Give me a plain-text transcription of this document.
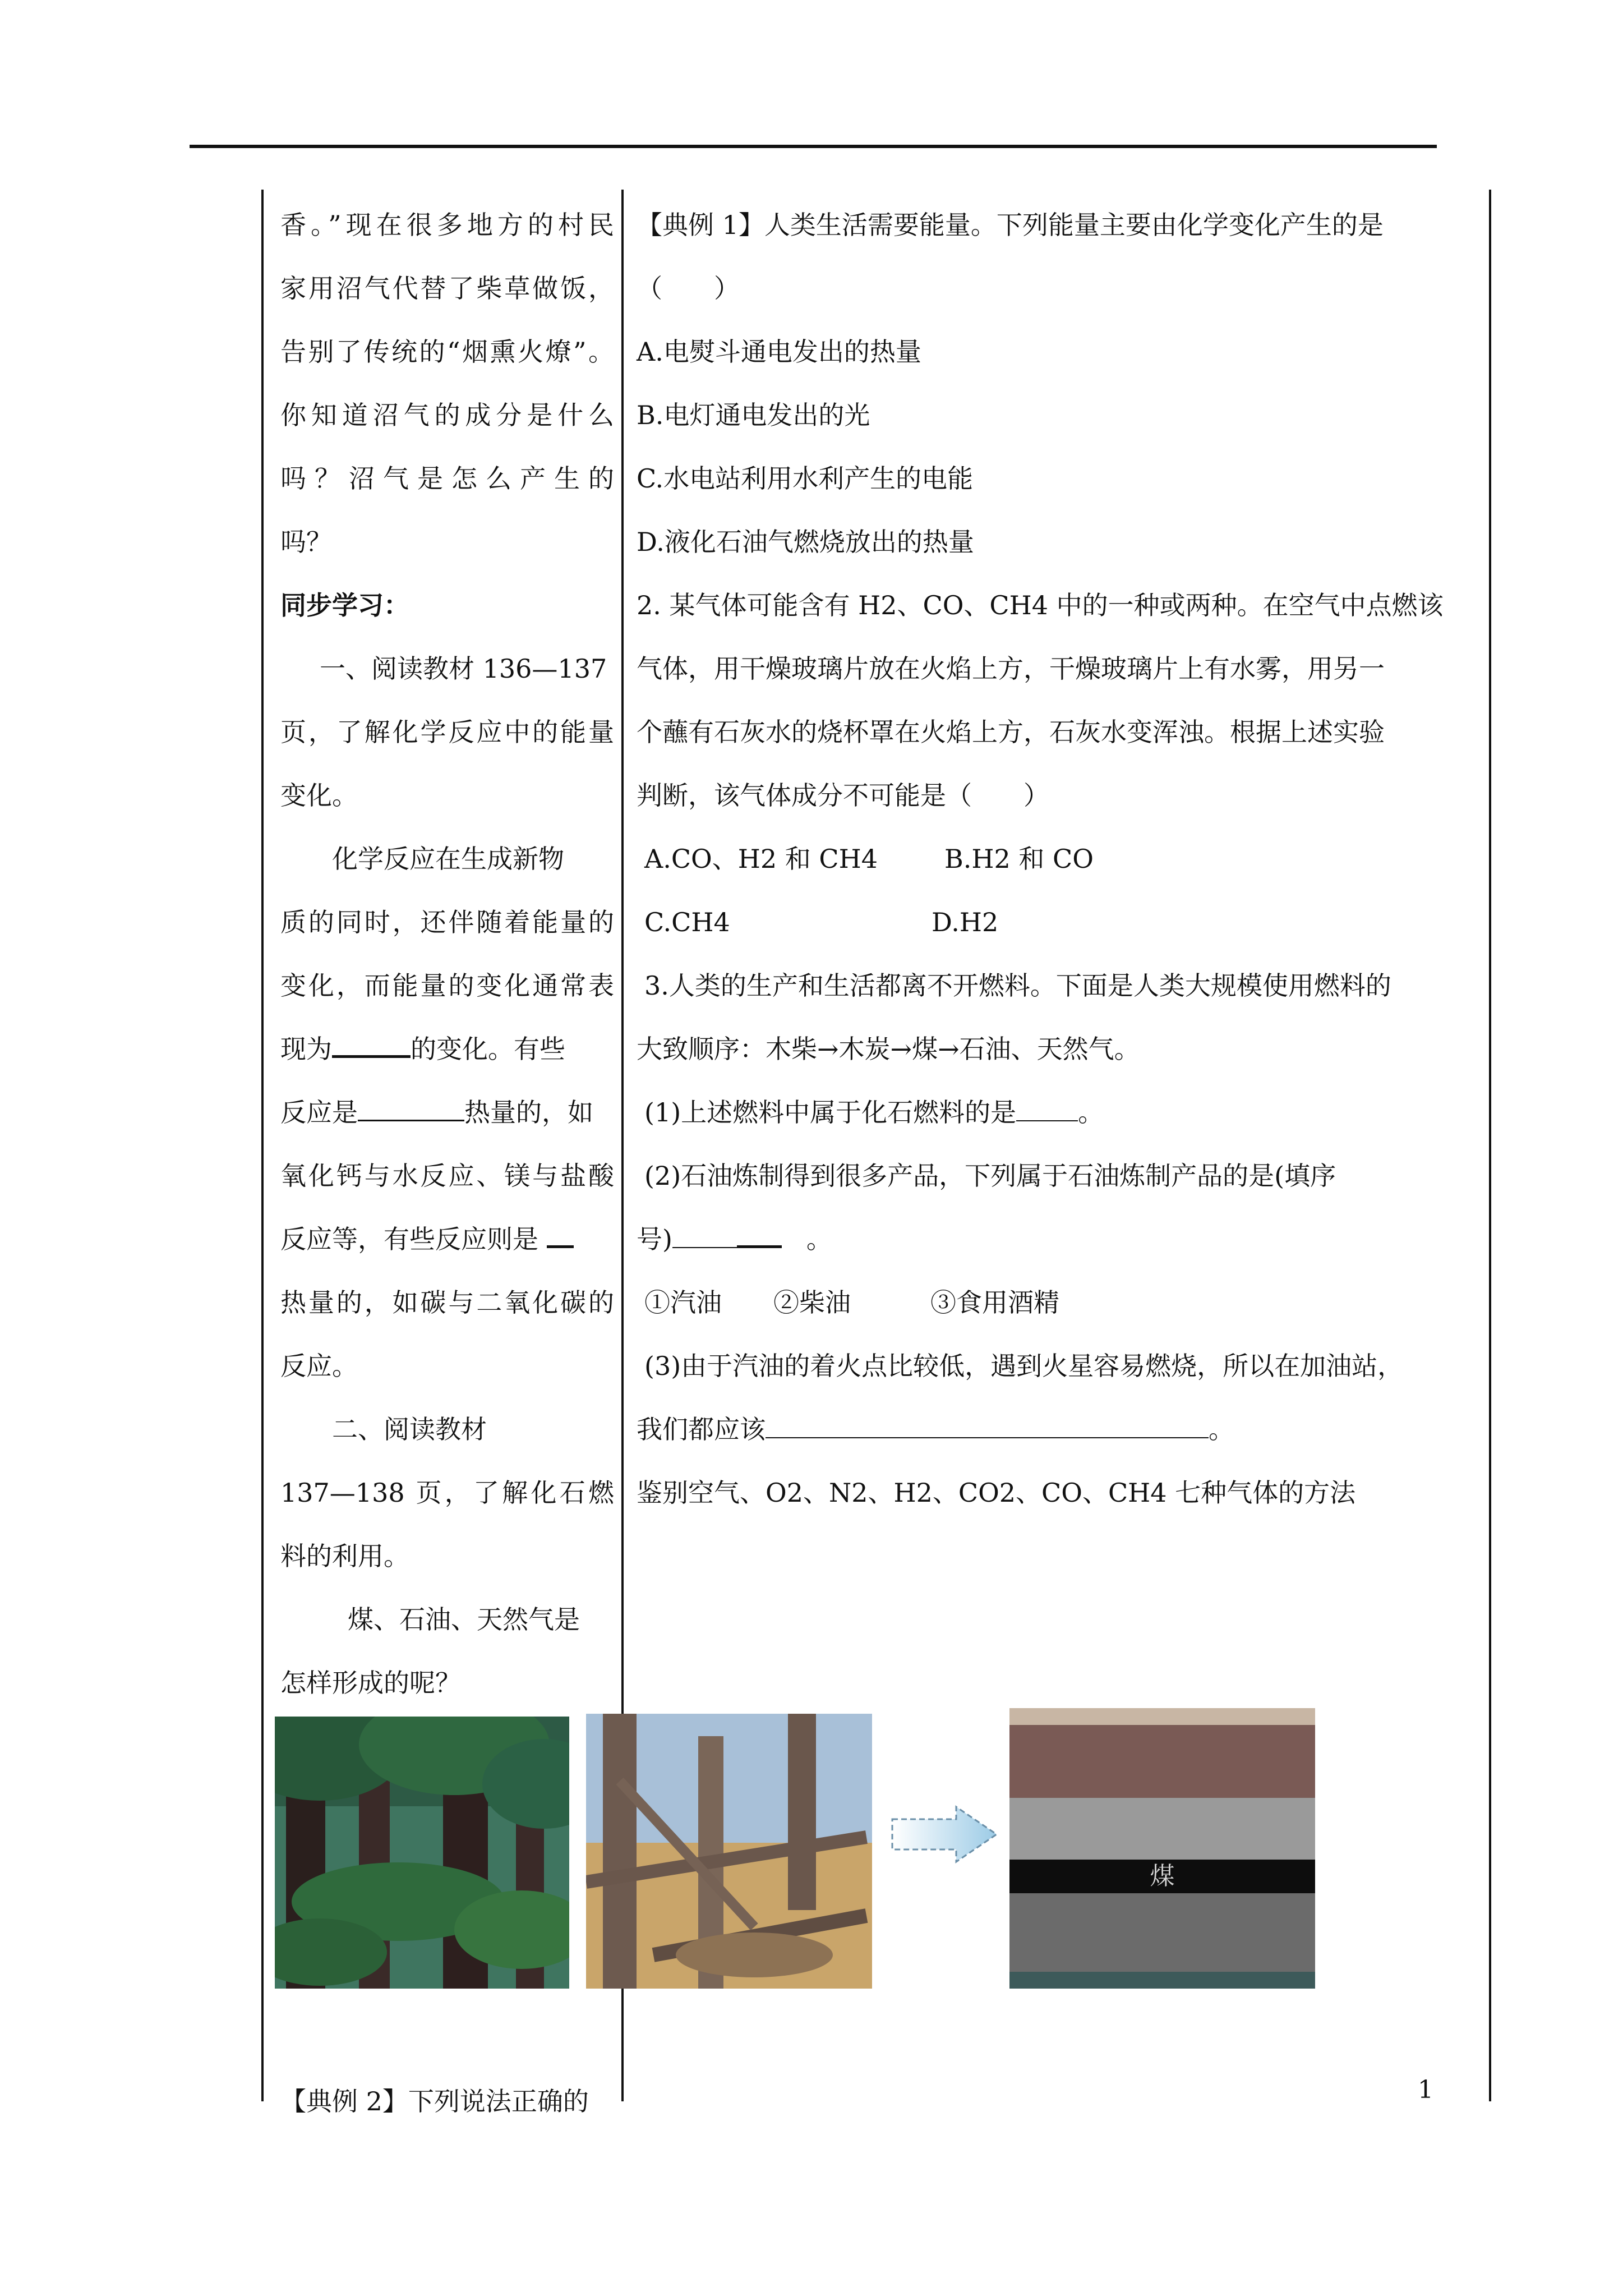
香。”现在很多地方的村民
家用沼气代替了柴草做饭，
告别了传统的“烟熏火燎”。
你知道沼气的成分是什么
吗？沼气是怎么产生的
吗？
同步学习：
一、阅读教材 136—137
页，了解化学反应中的能量
变化。
化学反应在生成新物
质的同时，还伴随着能量的
变化，而能量的变化通常表
现为	的变化。有些
反应是	热量的，如
氧化钙与水反应、镁与盐酸
反应等，有些反应则是
热量的，如碳与二氧化碳的
反应。
二、阅读教材
137—138 页，了解化石燃
料的利用。
煤、石油、天然气是
怎样形成的呢？
【典例 1】人类生活需要能量。下列能量主要由化学变化产生的是
（　　）
A.电熨斗通电发出的热量
B.电灯通电发出的光
C.水电站利用水利产生的电能
D.液化石油气燃烧放出的热量
2. 某气体可能含有 H2、CO、CH4 中的一种或两种。在空气中点燃该
气体，用干燥玻璃片放在火焰上方，干燥玻璃片上有水雾，用另一
个蘸有石灰水的烧杯罩在火焰上方，石灰水变浑浊。根据上述实验
判断，该气体成分不可能是（　　）
A.CO、H2 和 CH4	B.H2 和 CO
C.CH4	D.H2
3.人类的生产和生活都离不开燃料。下面是人类大规模使用燃料的
大致顺序：木柴→木炭→煤→石油、天然气。
(1)上述燃料中属于化石燃料的是 。
(2)石油炼制得到很多产品，下列属于石油炼制产品的是(填序
号)	。
①汽油 ②柴油	③食用酒精
(3)由于汽油的着火点比较低，遇到火星容易燃烧，所以在加油站，
我们都应该	。
鉴别空气、O2、N2、H2、CO2、CO、CH4 七种气体的方法
煤
【典例 2】下列说法正确的	1
